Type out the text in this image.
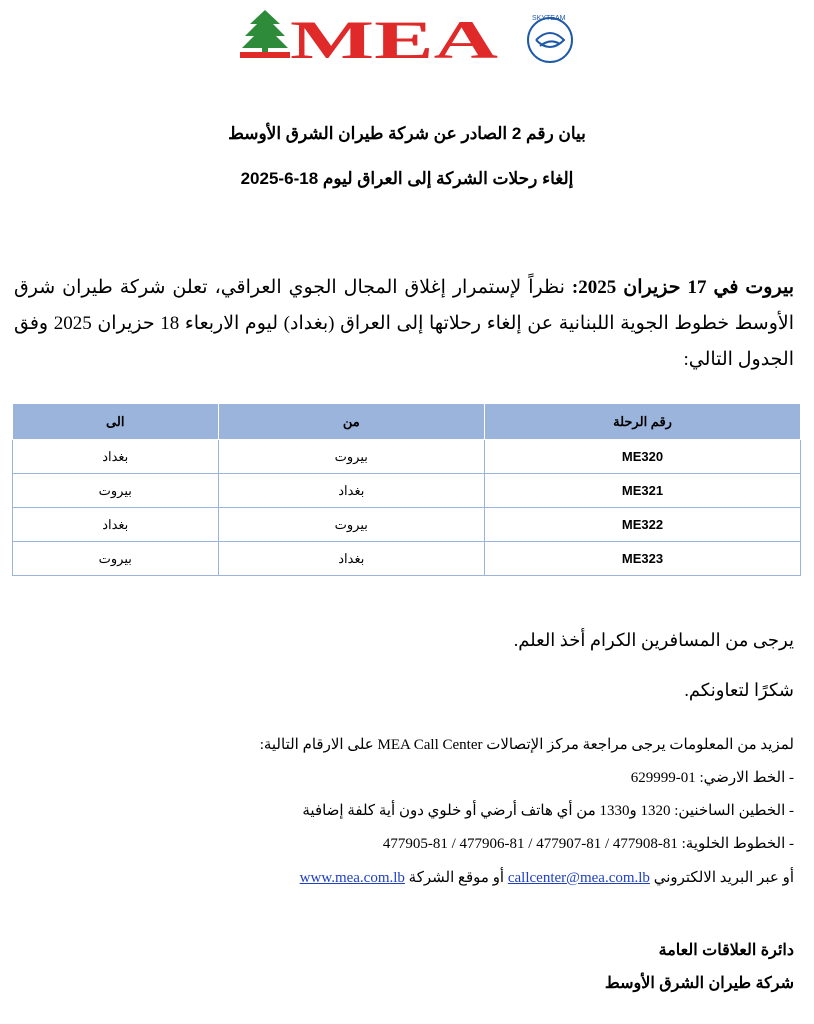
MEA	SKYTEAM
بيان رقم 2 الصادر عن شركة طيران الشرق الأوسط
إلغاء رحلات الشركة إلى العراق ليوم 18-6-2025
بيروت في 17 حزيران 2025: نظراً لإستمرار إغلاق المجال الجوي العراقي، تعلن شركة طيران شرق الأوسط خطوط الجوية اللبنانية عن إلغاء رحلاتها إلى العراق (بغداد) ليوم الاربعاء 18 حزيران 2025 وفق الجدول التالي:
رقم الرحلة	من	الى
ME320	بيروت	بغداد
ME321	بغداد	بيروت
ME322	بيروت	بغداد
ME323	بغداد	بيروت
يرجى من المسافرين الكرام أخذ العلم.
شكرًا لتعاونكم.
لمزيد من المعلومات يرجى مراجعة مركز الإتصالات MEA Call Center على الارقام التالية:
- الخط الارضي: 01-629999
- الخطين الساخنين: 1320 و1330 من أي هاتف أرضي أو خلوي دون أية كلفة إضافية
- الخطوط الخلوية: 81-477908 / 81-477907 / 81-477906 / 81-477905
أو عبر البريد الالكتروني callcenter@mea.com.lb أو موقع الشركة www.mea.com.lb
دائرة العلاقات العامة
شركة طيران الشرق الأوسط
